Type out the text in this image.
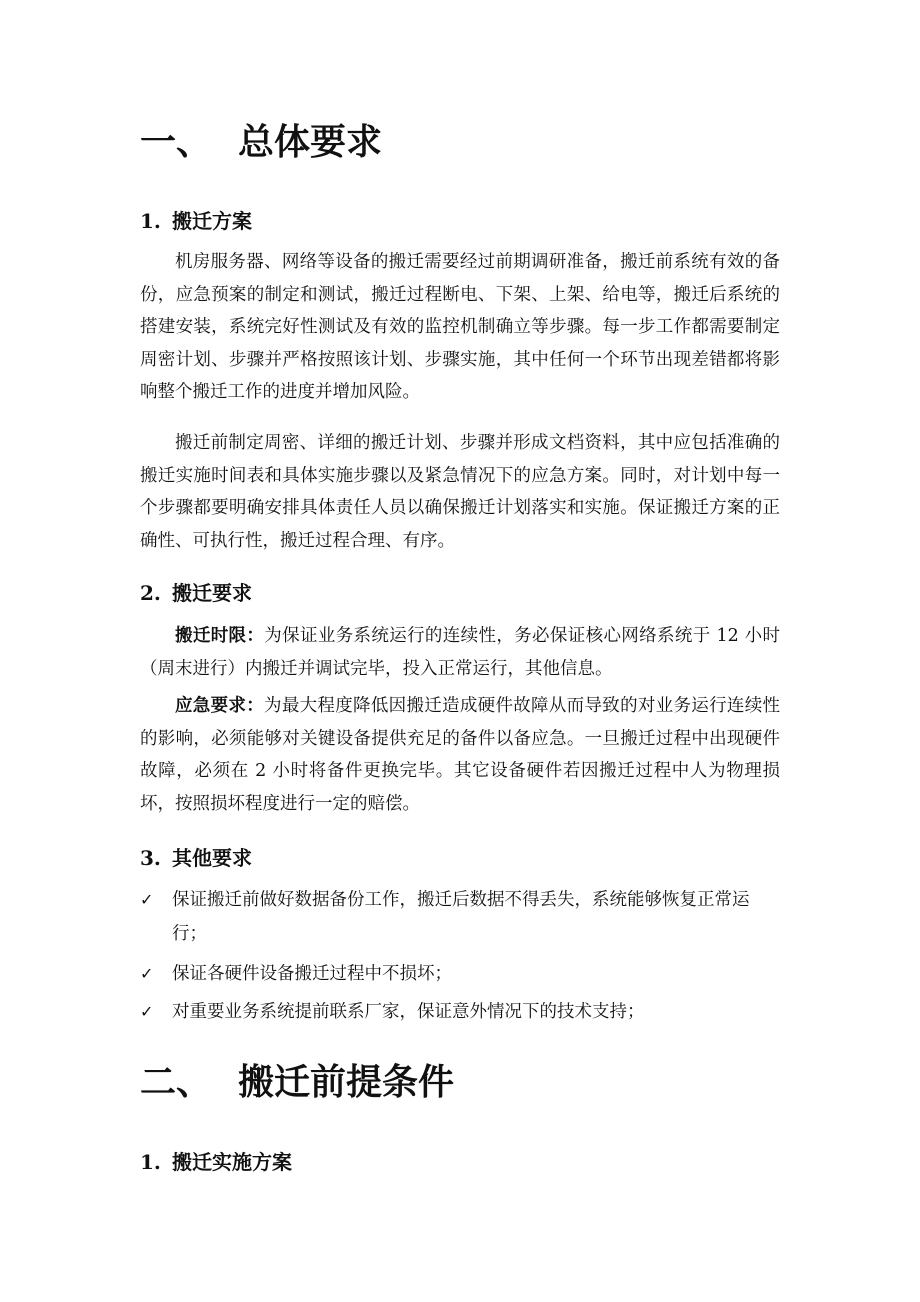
一、 总体要求
1. 搬迁方案
机房服务器、网络等设备的搬迁需要经过前期调研准备，搬迁前系统有效的备份，应急预案的制定和测试，搬迁过程断电、下架、上架、给电等，搬迁后系统的搭建安装，系统完好性测试及有效的监控机制确立等步骤。每一步工作都需要制定周密计划、步骤并严格按照该计划、步骤实施，其中任何一个环节出现差错都将影响整个搬迁工作的进度并增加风险。
搬迁前制定周密、详细的搬迁计划、步骤并形成文档资料，其中应包括准确的搬迁实施时间表和具体实施步骤以及紧急情况下的应急方案。同时，对计划中每一个步骤都要明确安排具体责任人员以确保搬迁计划落实和实施。保证搬迁方案的正确性、可执行性，搬迁过程合理、有序。
2. 搬迁要求
搬迁时限：为保证业务系统运行的连续性，务必保证核心网络系统于 12 小时（周末进行）内搬迁并调试完毕，投入正常运行，其他信息。
应急要求：为最大程度降低因搬迁造成硬件故障从而导致的对业务运行连续性的影响，必须能够对关键设备提供充足的备件以备应急。一旦搬迁过程中出现硬件故障，必须在 2 小时将备件更换完毕。其它设备硬件若因搬迁过程中人为物理损坏，按照损坏程度进行一定的赔偿。
3. 其他要求
✓	保证搬迁前做好数据备份工作，搬迁后数据不得丢失，系统能够恢复正常运行；
✓	保证各硬件设备搬迁过程中不损坏；
✓	对重要业务系统提前联系厂家，保证意外情况下的技术支持；
二、 搬迁前提条件
1. 搬迁实施方案
